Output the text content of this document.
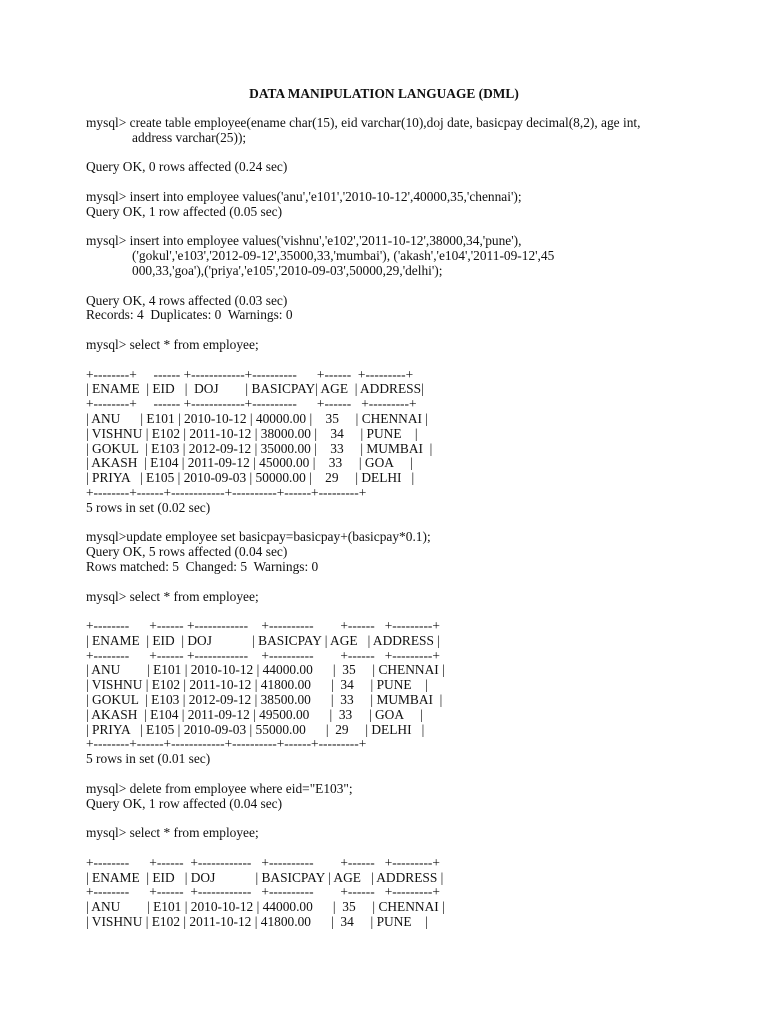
DATA MANIPULATION LANGUAGE (DML)
mysql> create table employee(ename char(15), eid varchar(10),doj date, basicpay decimal(8,2), age int,
address varchar(25));
Query OK, 0 rows affected (0.24 sec)
mysql> insert into employee values('anu','e101','2010-10-12',40000,35,'chennai');
Query OK, 1 row affected (0.05 sec)
mysql> insert into employee values('vishnu','e102','2011-10-12',38000,34,'pune'),
('gokul','e103','2012-09-12',35000,33,'mumbai'), ('akash','e104','2011-09-12',45
000,33,'goa'),('priya','e105','2010-09-03',50000,29,'delhi');
Query OK, 4 rows affected (0.03 sec)
Records: 4  Duplicates: 0  Warnings: 0
mysql> select * from employee;
+--------+     ------ +------------+----------      +------  +---------+
| ENAME  | EID   |  DOJ        | BASICPAY| AGE  | ADDRESS|
+--------+     ------ +------------+----------      +------   +---------+
| ANU      | E101 | 2010-10-12 | 40000.00 |    35     | CHENNAI |
| VISHNU | E102 | 2011-10-12 | 38000.00 |    34     | PUNE    |
| GOKUL  | E103 | 2012-09-12 | 35000.00 |    33     | MUMBAI  |
| AKASH  | E104 | 2011-09-12 | 45000.00 |    33     | GOA     |
| PRIYA   | E105 | 2010-09-03 | 50000.00 |    29     | DELHI   |
+--------+------+------------+----------+------+---------+
5 rows in set (0.02 sec)
mysql>update employee set basicpay=basicpay+(basicpay*0.1);
Query OK, 5 rows affected (0.04 sec)
Rows matched: 5  Changed: 5  Warnings: 0
mysql> select * from employee;
+--------      +------ +------------    +----------        +------   +---------+
| ENAME  | EID  | DOJ            | BASICPAY | AGE   | ADDRESS |
+--------      +------ +------------    +----------        +------   +---------+
| ANU        | E101 | 2010-10-12 | 44000.00      |  35     | CHENNAI |
| VISHNU | E102 | 2011-10-12 | 41800.00      |  34     | PUNE    |
| GOKUL  | E103 | 2012-09-12 | 38500.00      |  33     | MUMBAI  |
| AKASH  | E104 | 2011-09-12 | 49500.00      |  33     | GOA     |
| PRIYA   | E105 | 2010-09-03 | 55000.00      |  29     | DELHI   |
+--------+------+------------+----------+------+---------+
5 rows in set (0.01 sec)
mysql> delete from employee where eid="E103";
Query OK, 1 row affected (0.04 sec)
mysql> select * from employee;
+--------      +------  +------------   +----------        +------   +---------+
| ENAME  | EID   | DOJ            | BASICPAY | AGE   | ADDRESS |
+--------      +------  +------------   +----------        +------   +---------+
| ANU        | E101 | 2010-10-12 | 44000.00      |  35     | CHENNAI |
| VISHNU | E102 | 2011-10-12 | 41800.00      |  34     | PUNE    |
